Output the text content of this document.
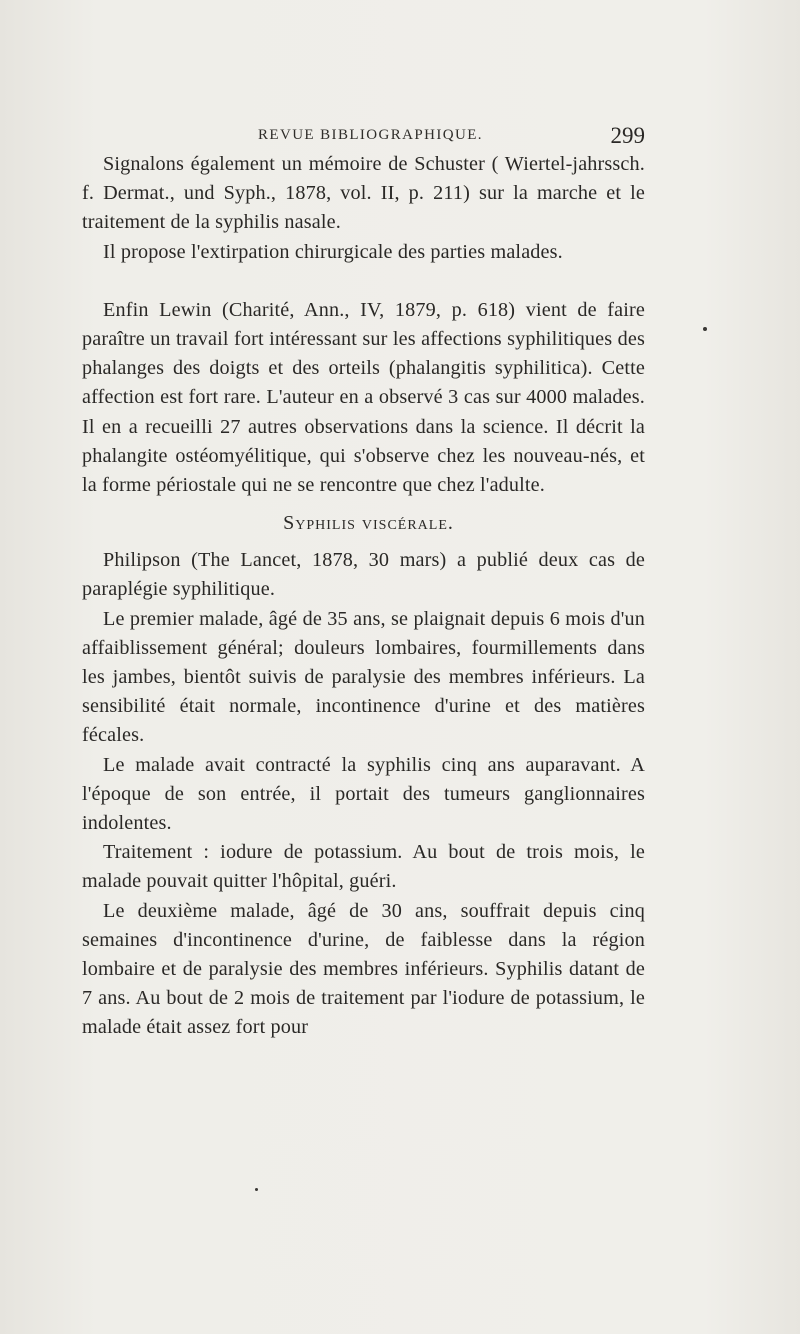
REVUE BIBLIOGRAPHIQUE.	299

Signalons également un mémoire de Schuster ( Wiertel-jahrssch. f. Dermat., und Syph., 1878, vol. II, p. 211) sur la marche et le traitement de la syphilis nasale.

Il propose l'extirpation chirurgicale des parties malades.

Enfin Lewin (Charité, Ann., IV, 1879, p. 618) vient de faire paraître un travail fort intéressant sur les affections syphilitiques des phalanges des doigts et des orteils (phalangitis syphilitica). Cette affection est fort rare. L'auteur en a observé 3 cas sur 4000 malades. Il en a recueilli 27 autres observations dans la science. Il décrit la phalangite ostéomyélitique, qui s'observe chez les nouveau-nés, et la forme périostale qui ne se rencontre que chez l'adulte.

Syphilis viscérale.

Philipson (The Lancet, 1878, 30 mars) a publié deux cas de paraplégie syphilitique.

Le premier malade, âgé de 35 ans, se plaignait depuis 6 mois d'un affaiblissement général; douleurs lombaires, fourmillements dans les jambes, bientôt suivis de paralysie des membres inférieurs. La sensibilité était normale, incontinence d'urine et des matières fécales.

Le malade avait contracté la syphilis cinq ans auparavant. A l'époque de son entrée, il portait des tumeurs ganglionnaires indolentes.

Traitement : iodure de potassium. Au bout de trois mois, le malade pouvait quitter l'hôpital, guéri.

Le deuxième malade, âgé de 30 ans, souffrait depuis cinq semaines d'incontinence d'urine, de faiblesse dans la région lombaire et de paralysie des membres inférieurs. Syphilis datant de 7 ans. Au bout de 2 mois de traitement par l'iodure de potassium, le malade était assez fort pour
